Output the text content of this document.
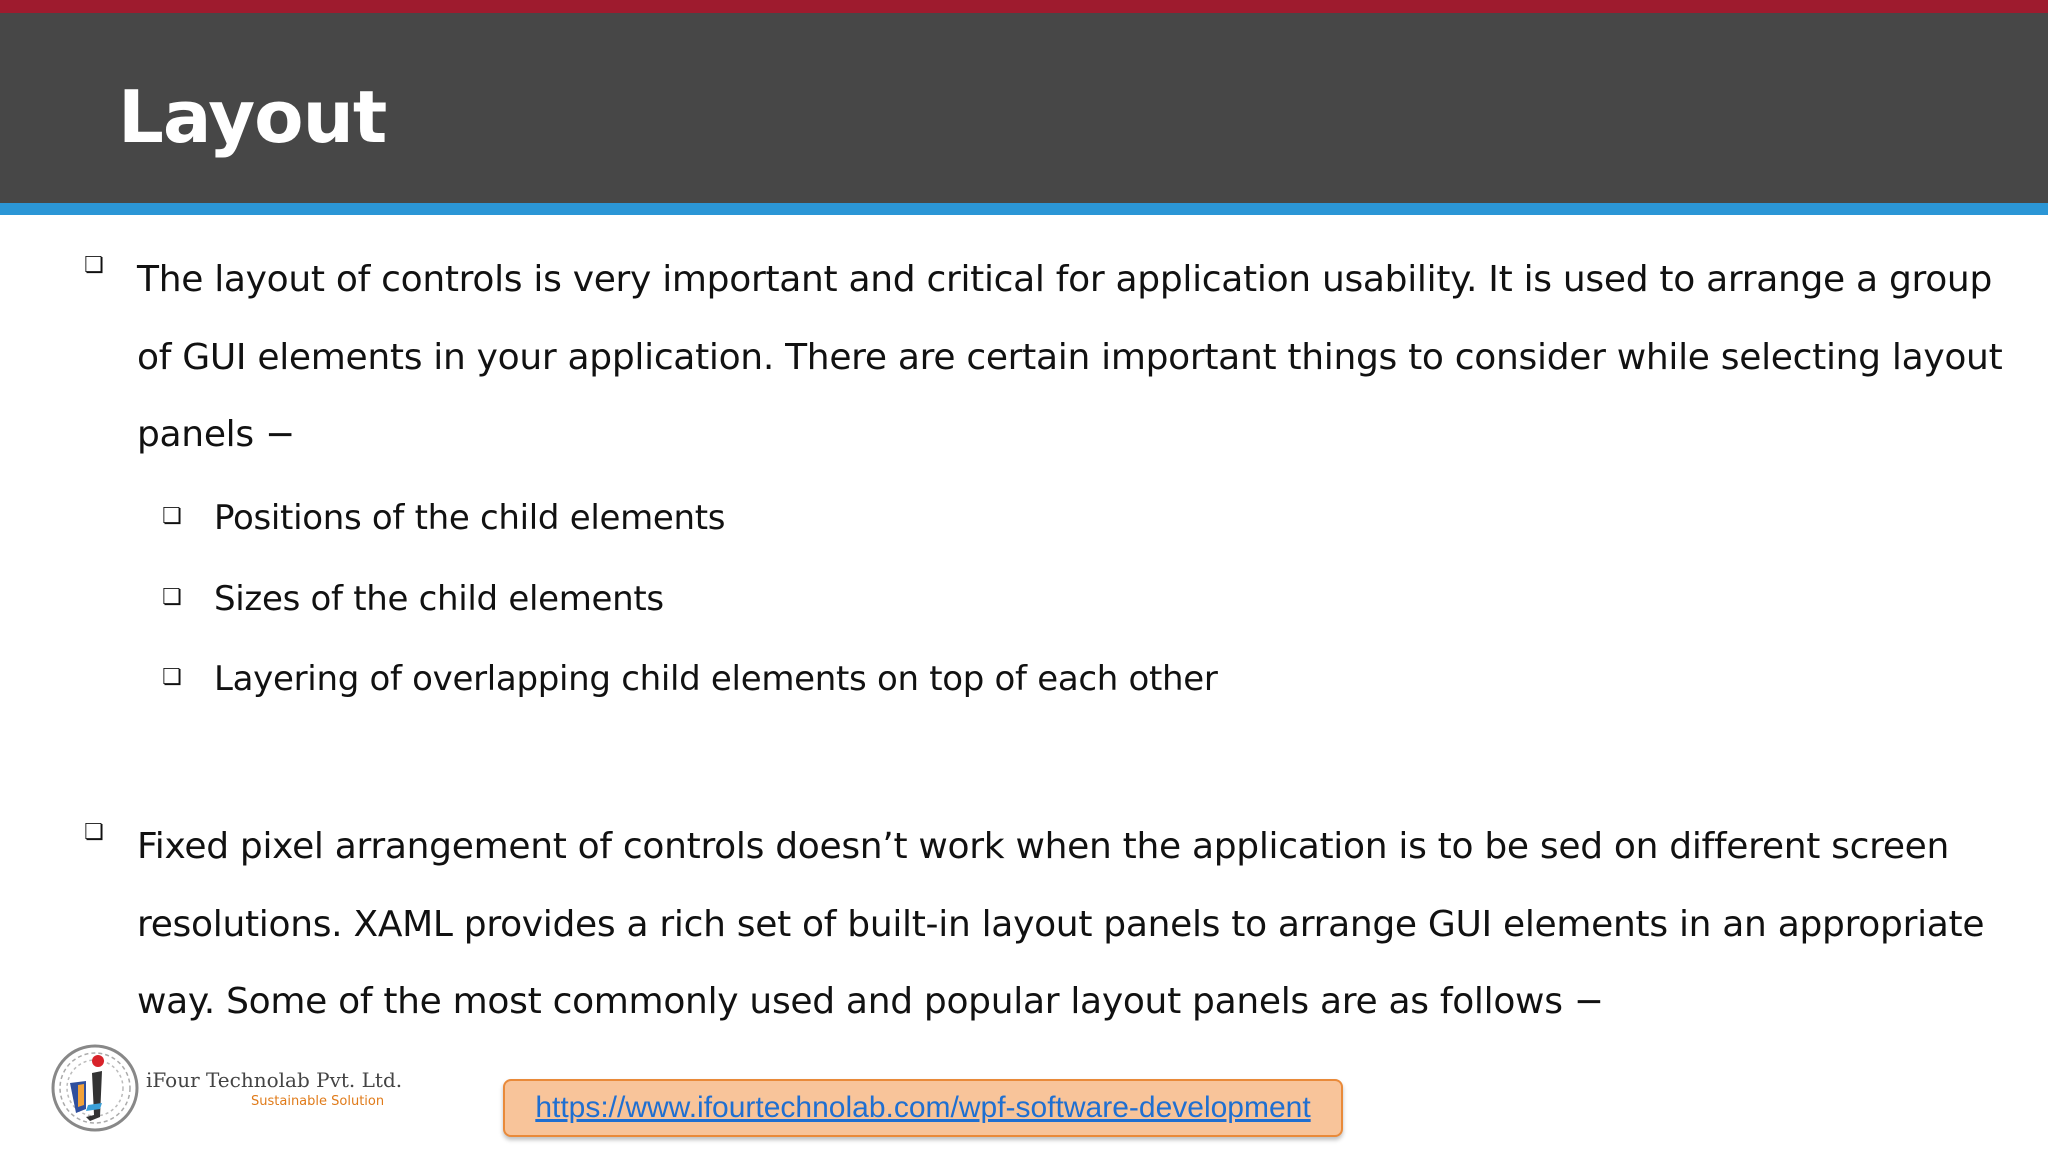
Layout
❏ The layout of controls is very important and critical for application usability. It is used to arrange a group
of GUI elements in your application. There are certain important things to consider while selecting layout
panels −
❏ Positions of the child elements
❏ Sizes of the child elements
❏ Layering of overlapping child elements on top of each other
❏ Fixed pixel arrangement of controls doesn’t work when the application is to be sed on different screen
resolutions. XAML provides a rich set of built-in layout panels to arrange GUI elements in an appropriate
way. Some of the most commonly used and popular layout panels are as follows −
iFour Technolab Pvt. Ltd.
Sustainable Solution	https://www.ifourtechnolab.com/wpf-software-development
